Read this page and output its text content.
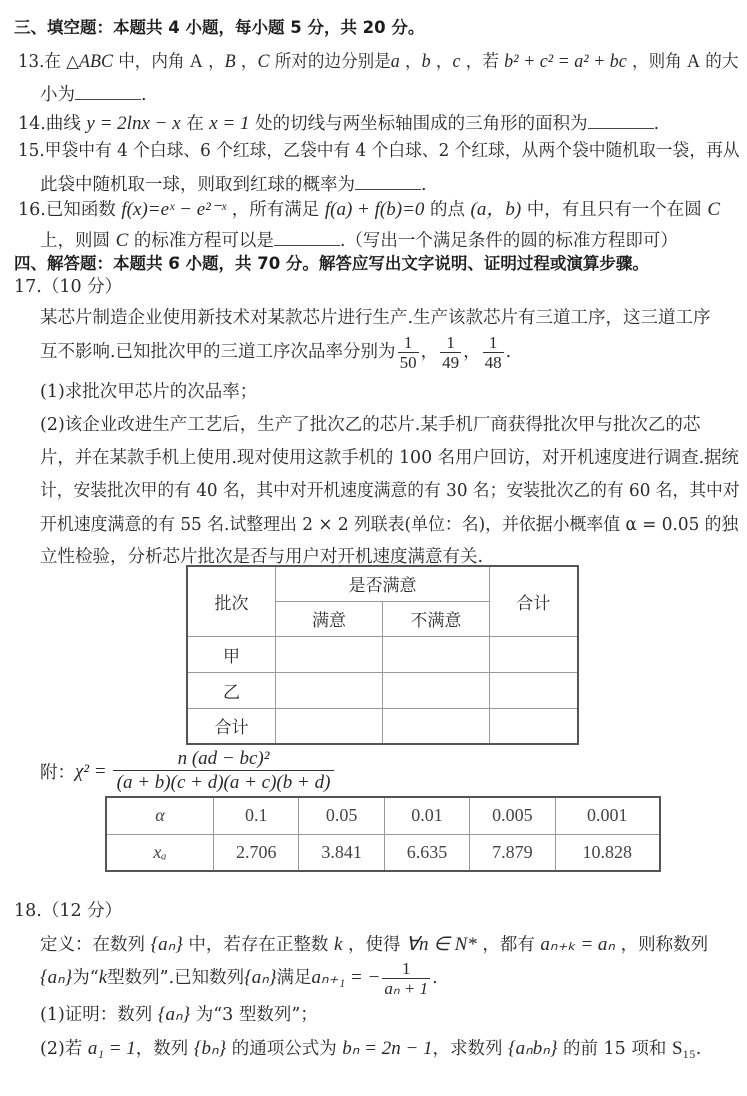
三、填空题：本题共 4 小题，每小题 5 分，共 20 分。
13.在 △ABC 中，内角 A ，B ，C 所对的边分别是a ，b ，c ，若 b² + c² = a² + bc ，则角 A 的大
小为	.
14.曲线 y = 2lnx − x 在 x = 1 处的切线与两坐标轴围成的三角形的面积为	.
15.甲袋中有 4 个白球、6 个红球，乙袋中有 4 个白球、2 个红球，从两个袋中随机取一袋，再从
此袋中随机取一球，则取到红球的概率为	.
16.已知函数 f(x)=eˣ − e²⁻ˣ ，所有满足 f(a) + f(b)=0 的点 (a，b) 中，有且只有一个在圆 C
上，则圆 C 的标准方程可以是	.（写出一个满足条件的圆的标准方程即可）
四、解答题：本题共 6 小题，共 70 分。解答应写出文字说明、证明过程或演算步骤。
17.（10 分）
某芯片制造企业使用新技术对某款芯片进行生产.生产该款芯片有三道工序，这三道工序
互不影响.已知批次甲的三道工序次品率分别为 $\frac{1}{50}$ ， $\frac{1}{49}$ ， $\frac{1}{48}$ .
(1)求批次甲芯片的次品率；
(2)该企业改进生产工艺后，生产了批次乙的芯片.某手机厂商获得批次甲与批次乙的芯
片，并在某款手机上使用.现对使用这款手机的 100 名用户回访，对开机速度进行调查.据统
计，安装批次甲的有 40 名，其中对开机速度满意的有 30 名；安装批次乙的有 60 名，其中对
开机速度满意的有 55 名.试整理出 2 × 2 列联表(单位：名)，并依据小概率值 α = 0.05 的独
立性检验，分析芯片批次是否与用户对开机速度满意有关.
批次	是否满意		合计
	满意	不满意	
甲			
乙			
合计			
附： $\chi^2 = \frac{\text{n (ad − bc)²}}{(a + b)(c + d)(a + c)(b + d)}$
α	0.1	0.05	0.01	0.005	0.001
xₐ	2.706	3.841	6.635	7.879	10.828
18.（12 分）
定义：在数列 {aₙ} 中，若存在正整数 k ，使得 ∀n ∈ N* ，都有 aₙ₊ₖ = aₙ ，则称数列
{aₙ} 为“ k 型数列”.已知数列 {aₙ} 满足 aₙ₊₁ = − $\frac{1}{\text{aₙ + 1}}$ .
(1)证明：数列 {aₙ} 为“3 型数列”；
(2)若 a₁ = 1，数列 {bₙ} 的通项公式为 bₙ = 2n − 1，求数列 {aₙbₙ} 的前 15 项和 S₁₅.
